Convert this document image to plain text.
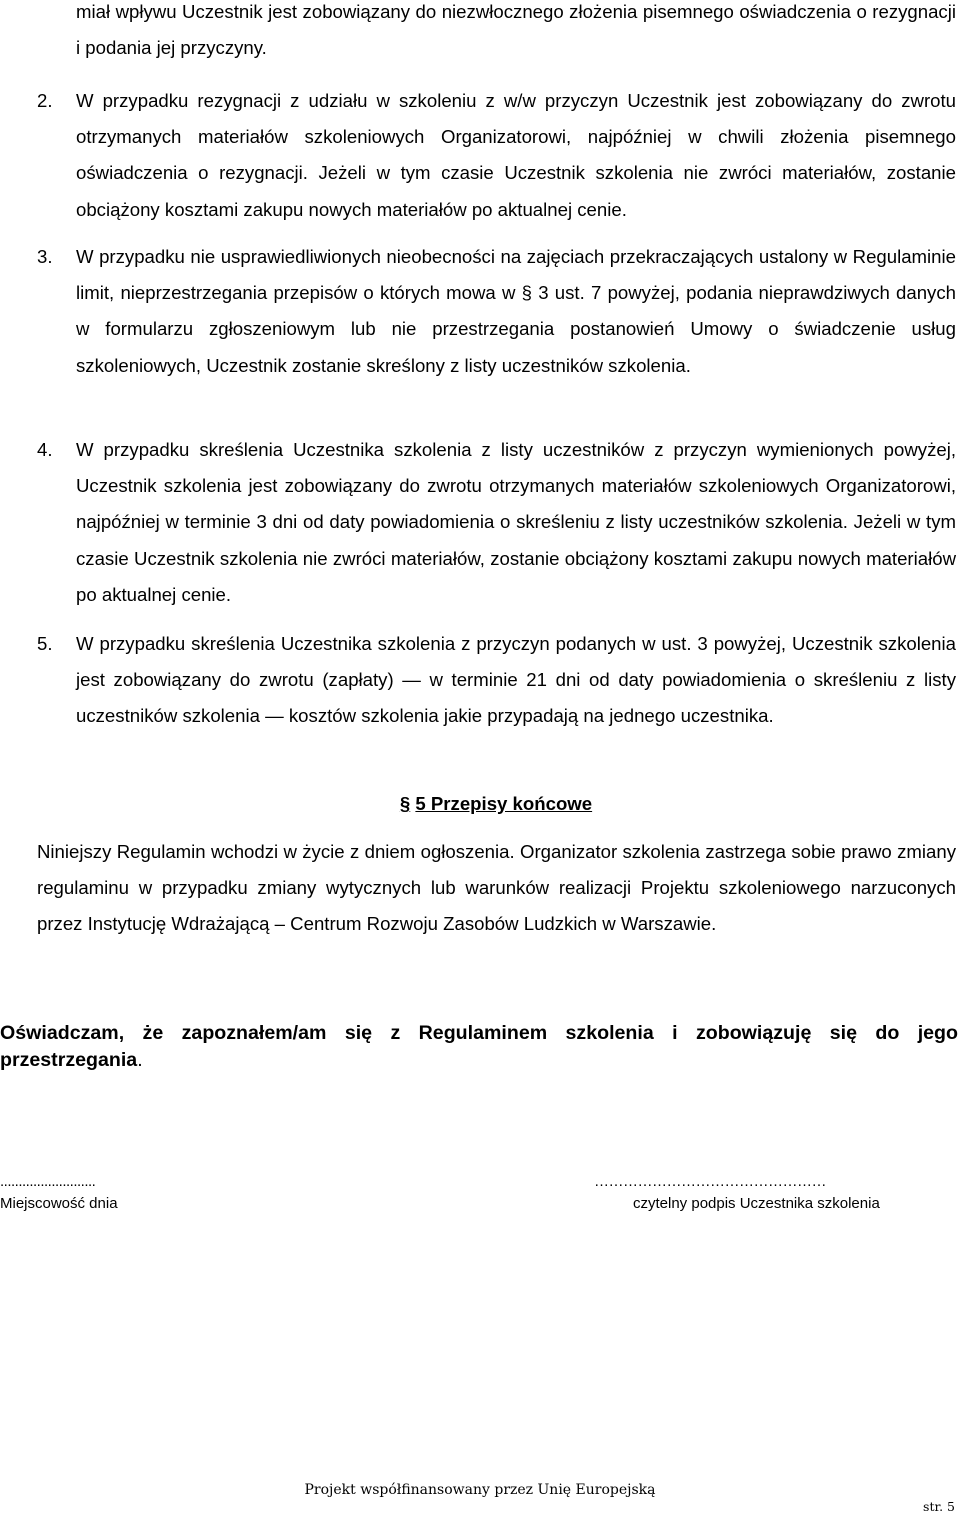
miał wpływu Uczestnik jest zobowiązany do niezwłocznego złożenia pisemnego oświadczenia o rezygnacji i podania jej przyczyny.

2. W przypadku rezygnacji z udziału w szkoleniu z w/w przyczyn Uczestnik jest zobowiązany do zwrotu otrzymanych materiałów szkoleniowych Organizatorowi, najpóźniej w chwili złożenia pisemnego oświadczenia o rezygnacji. Jeżeli w tym czasie Uczestnik szkolenia nie zwróci materiałów, zostanie obciążony kosztami zakupu nowych materiałów po aktualnej cenie.

3. W przypadku nie usprawiedliwionych nieobecności na zajęciach przekraczających ustalony w Regulaminie limit, nieprzestrzegania przepisów o których mowa w § 3 ust. 7 powyżej, podania nieprawdziwych danych w formularzu zgłoszeniowym lub nie przestrzegania postanowień Umowy o świadczenie usług szkoleniowych, Uczestnik zostanie skreślony z listy uczestników szkolenia.

4. W przypadku skreślenia Uczestnika szkolenia z listy uczestników z przyczyn wymienionych powyżej, Uczestnik szkolenia jest zobowiązany do zwrotu otrzymanych materiałów szkoleniowych Organizatorowi, najpóźniej w terminie 3 dni od daty powiadomienia o skreśleniu z listy uczestników szkolenia. Jeżeli w tym czasie Uczestnik szkolenia nie zwróci materiałów, zostanie obciążony kosztami zakupu nowych materiałów po aktualnej cenie.

5. W przypadku skreślenia Uczestnika szkolenia z przyczyn podanych w ust. 3 powyżej, Uczestnik szkolenia jest zobowiązany do zwrotu (zapłaty) — w terminie 21 dni od daty powiadomienia o skreśleniu z listy uczestników szkolenia — kosztów szkolenia jakie przypadają na jednego uczestnika.

§ 5 Przepisy końcowe

Niniejszy Regulamin wchodzi w życie z dniem ogłoszenia. Organizator szkolenia zastrzega sobie prawo zmiany regulaminu w przypadku zmiany wytycznych lub warunków realizacji Projektu szkoleniowego narzuconych przez Instytucję Wdrażającą – Centrum Rozwoju Zasobów Ludzkich w Warszawie.

Oświadczam, że zapoznałem/am się z Regulaminem szkolenia i zobowiązuję się do jego przestrzegania.

..........................
Miejscowość dnia
…………………………………………
czytelny podpis Uczestnika szkolenia
Projekt współfinansowany przez Unię Europejską
str. 5
